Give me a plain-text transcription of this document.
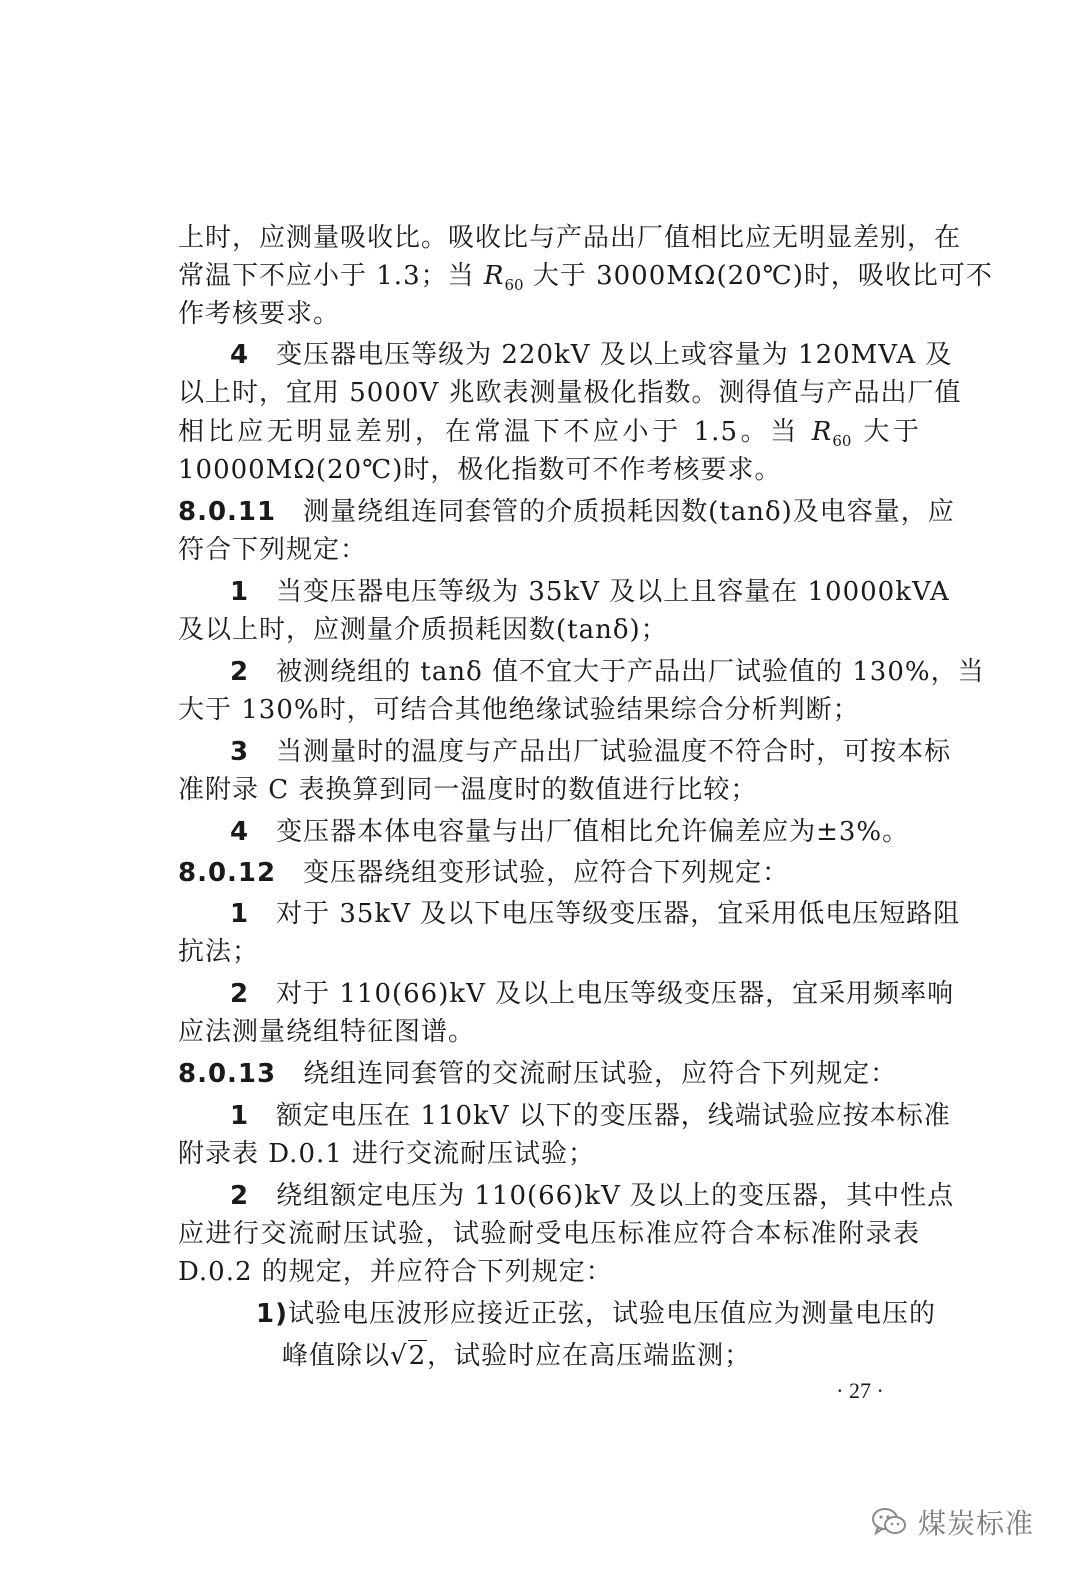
上时，应测量吸收比。吸收比与产品出厂值相比应无明显差别，在
常温下不应小于 1.3；当 $R_{60}$ 大于 3000MΩ(20℃)时，吸收比可不
作考核要求。
4　 变压器电压等级为 220kV 及以上或容量为 120MVA 及
以上时，宜用 5000V 兆欧表测量极化指数。测得值与产品出厂值
相比应无明显差别，在常温下不应小于 1.5。当 $R_{60}$ 大于
10000MΩ(20℃)时，极化指数可不作考核要求。
8.0.11　 测量绕组连同套管的介质损耗因数(tanδ)及电容量，应
符合下列规定：
1　 当变压器电压等级为 35kV 及以上且容量在 10000kVA
及以上时，应测量介质损耗因数(tanδ)；
2　 被测绕组的 tanδ 值不宜大于产品出厂试验值的 130%，当
大于 130%时，可结合其他绝缘试验结果综合分析判断；
3　 当测量时的温度与产品出厂试验温度不符合时，可按本标
准附录 C 表换算到同一温度时的数值进行比较；
4　 变压器本体电容量与出厂值相比允许偏差应为±3%。
8.0.12　 变压器绕组变形试验，应符合下列规定：
1　 对于 35kV 及以下电压等级变压器，宜采用低电压短路阻
抗法；
2　 对于 110(66)kV 及以上电压等级变压器，宜采用频率响
应法测量绕组特征图谱。
8.0.13　 绕组连同套管的交流耐压试验，应符合下列规定：
1　 额定电压在 110kV 以下的变压器，线端试验应按本标准
附录表 D.0.1 进行交流耐压试验；
2　 绕组额定电压为 110(66)kV 及以上的变压器，其中性点
应进行交流耐压试验，试验耐受电压标准应符合本标准附录表
D.0.2 的规定，并应符合下列规定：
1)试验电压波形应接近正弦，试验电压值应为测量电压的
峰值除以√2，试验时应在高压端监测；
· 27 ·
煤炭标准
